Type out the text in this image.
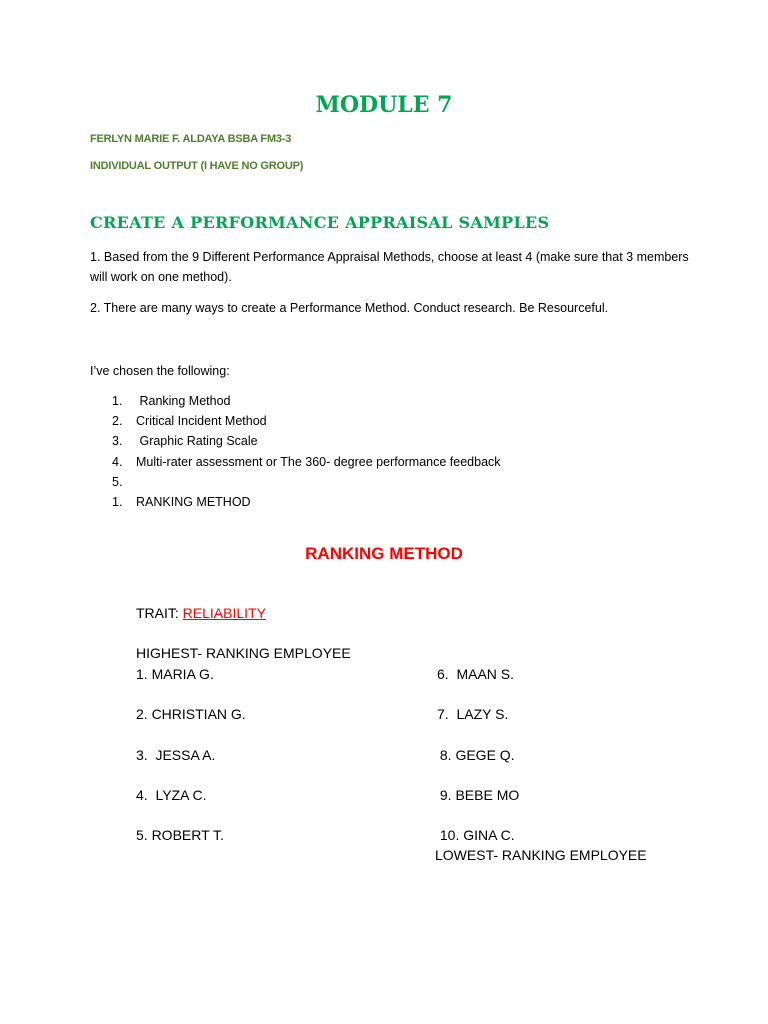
MODULE 7
FERLYN MARIE F. ALDAYA BSBA FM3-3
INDIVIDUAL OUTPUT (I HAVE NO GROUP)
CREATE A PERFORMANCE APPRAISAL SAMPLES
1. Based from the 9 Different Performance Appraisal Methods, choose at least 4 (make sure that 3 members will work on one method).
2. There are many ways to create a Performance Method. Conduct research. Be Resourceful.
I’ve chosen the following:
1. Ranking Method
2. Critical Incident Method
3. Graphic Rating Scale
4. Multi-rater assessment or The 360- degree performance feedback
5.
1. RANKING METHOD
RANKING METHOD
TRAIT: RELIABILITY
HIGHEST- RANKING EMPLOYEE
1. MARIA G.
2. CHRISTIAN G.
3.  JESSA A.
4.  LYZA C.
5. ROBERT T.
6.  MAAN S.
7.  LAZY S.
8. GEGE Q.
9. BEBE MO
10. GINA C.
LOWEST- RANKING EMPLOYEE
